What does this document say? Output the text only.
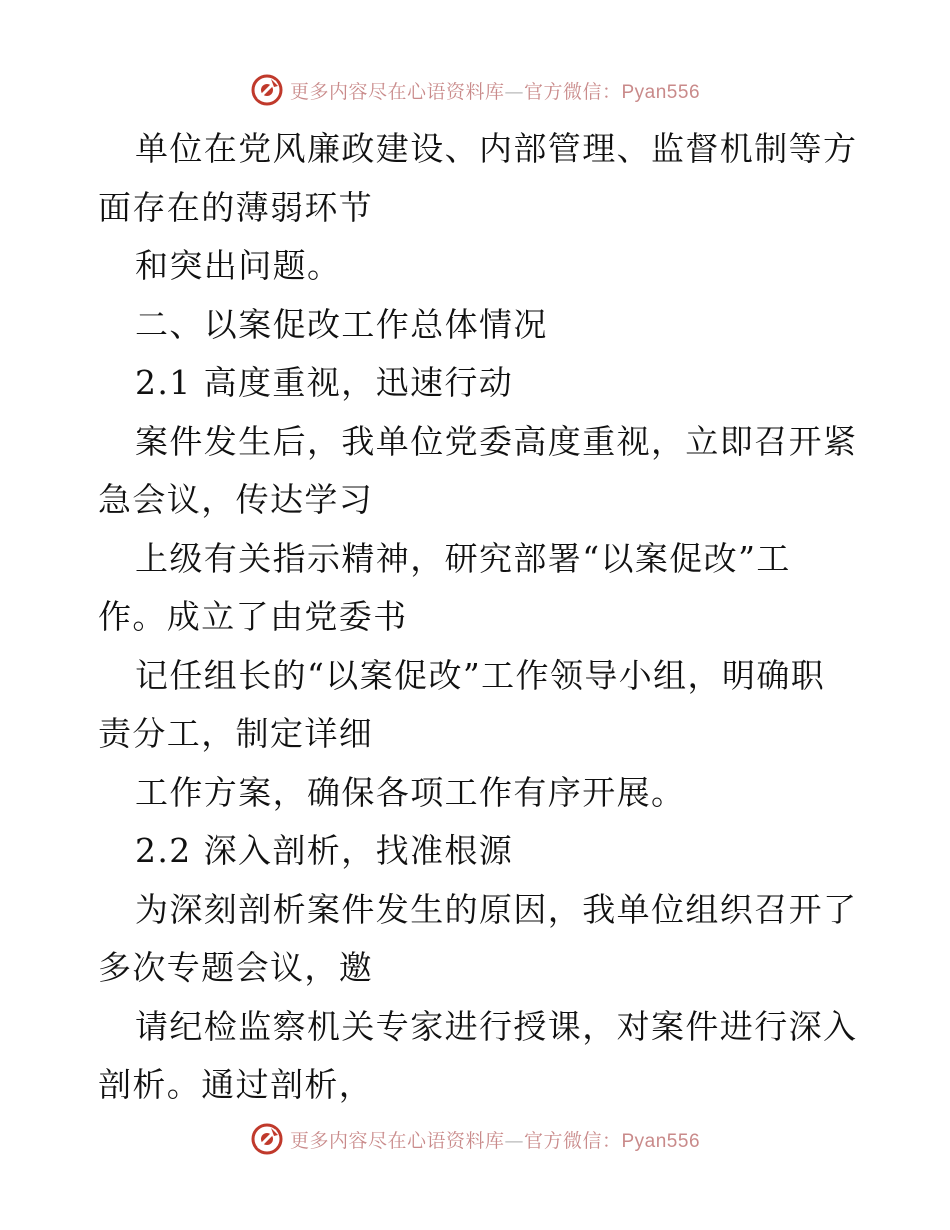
更多内容尽在心语资料库—官方微信：Pyan556
单位在党风廉政建设、内部管理、监督机制等方
面存在的薄弱环节
和突出问题。
二、以案促改工作总体情况
2.1 高度重视，迅速行动
案件发生后，我单位党委高度重视，立即召开紧
急会议，传达学习
上级有关指示精神，研究部署“以案促改”工
作。成立了由党委书
记任组长的“以案促改”工作领导小组，明确职
责分工，制定详细
工作方案，确保各项工作有序开展。
2.2 深入剖析，找准根源
为深刻剖析案件发生的原因，我单位组织召开了
多次专题会议，邀
请纪检监察机关专家进行授课，对案件进行深入
剖析。通过剖析，
更多内容尽在心语资料库—官方微信：Pyan556
